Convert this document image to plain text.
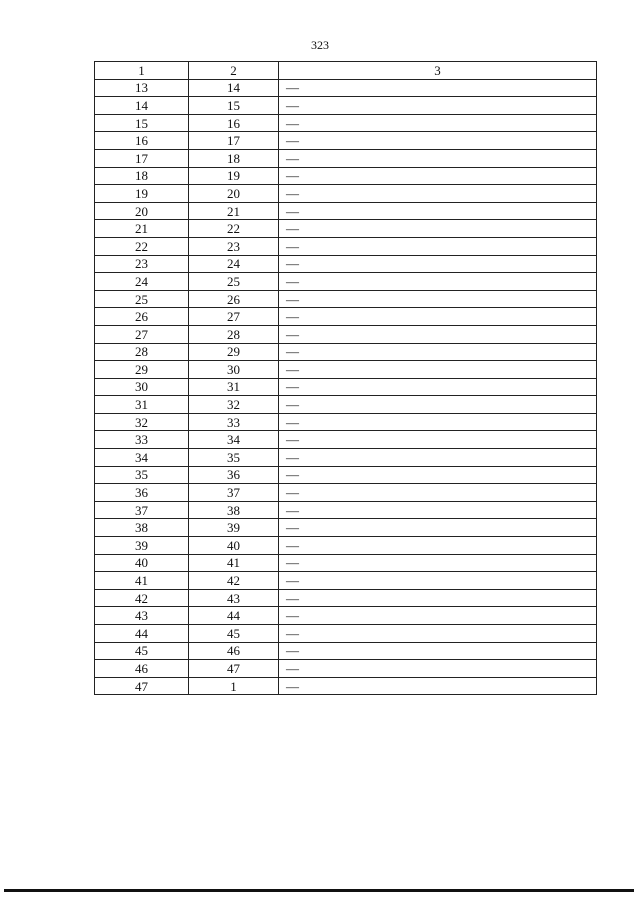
323
1	2	3
13	14	—
14	15	—
15	16	—
16	17	—
17	18	—
18	19	—
19	20	—
20	21	—
21	22	—
22	23	—
23	24	—
24	25	—
25	26	—
26	27	—
27	28	—
28	29	—
29	30	—
30	31	—
31	32	—
32	33	—
33	34	—
34	35	—
35	36	—
36	37	—
37	38	—
38	39	—
39	40	—
40	41	—
41	42	—
42	43	—
43	44	—
44	45	—
45	46	—
46	47	—
47	1	—
